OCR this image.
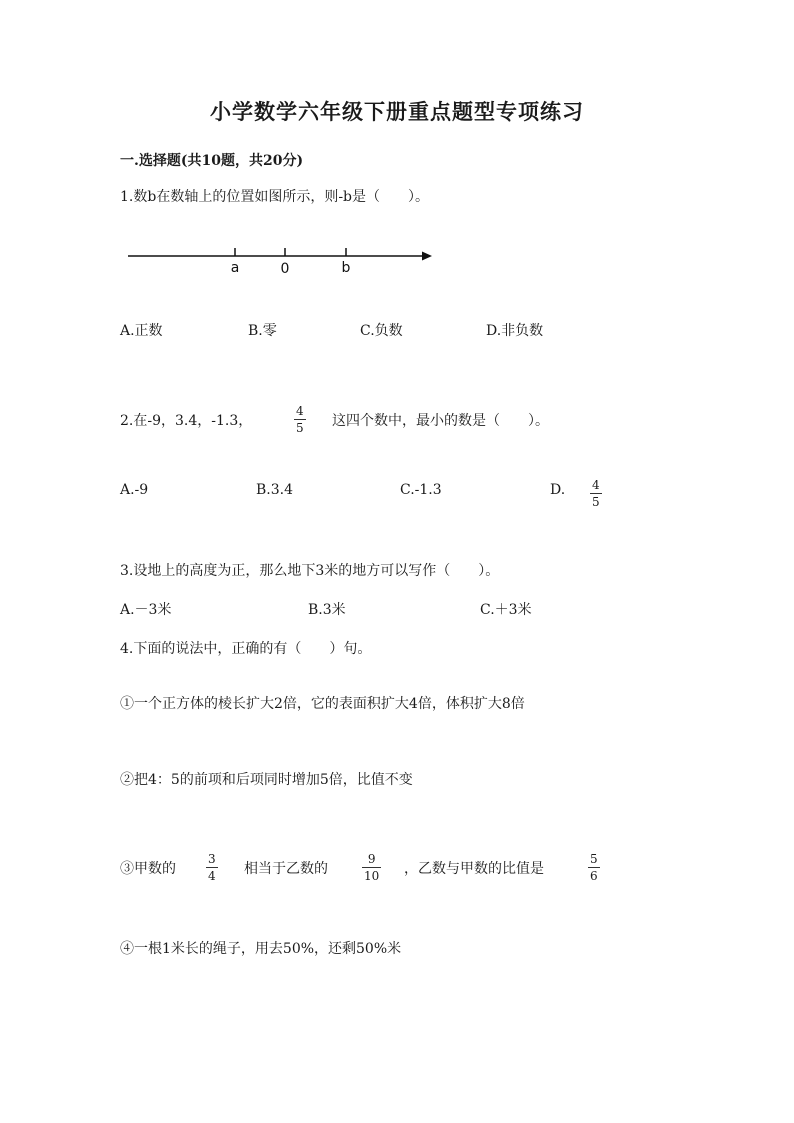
小学数学六年级下册重点题型专项练习
一.选择题(共10题，共20分)
1.数b在数轴上的位置如图所示，则-b是（　　）。
a	0	b
A.正数	B.零	C.负数	D.非负数
2.在-9，3.4，-1.3，
4
5 这四个数中，最小的数是（　　）。
A.-9	B.3.4	C.-1.3	D. 4
5
3.设地上的高度为正，那么地下3米的地方可以写作（　　）。
A.－3米	B.3米	C.＋3米
4.下面的说法中，正确的有（　　）句。
①一个正方体的棱长扩大2倍，它的表面积扩大4倍，体积扩大8倍
②把4：5的前项和后项同时增加5倍，比值不变
③甲数的
3
4 相当于乙数的
9
10 ，乙数与甲数的比值是
5
6
④一根1米长的绳子，用去50%，还剩50%米
